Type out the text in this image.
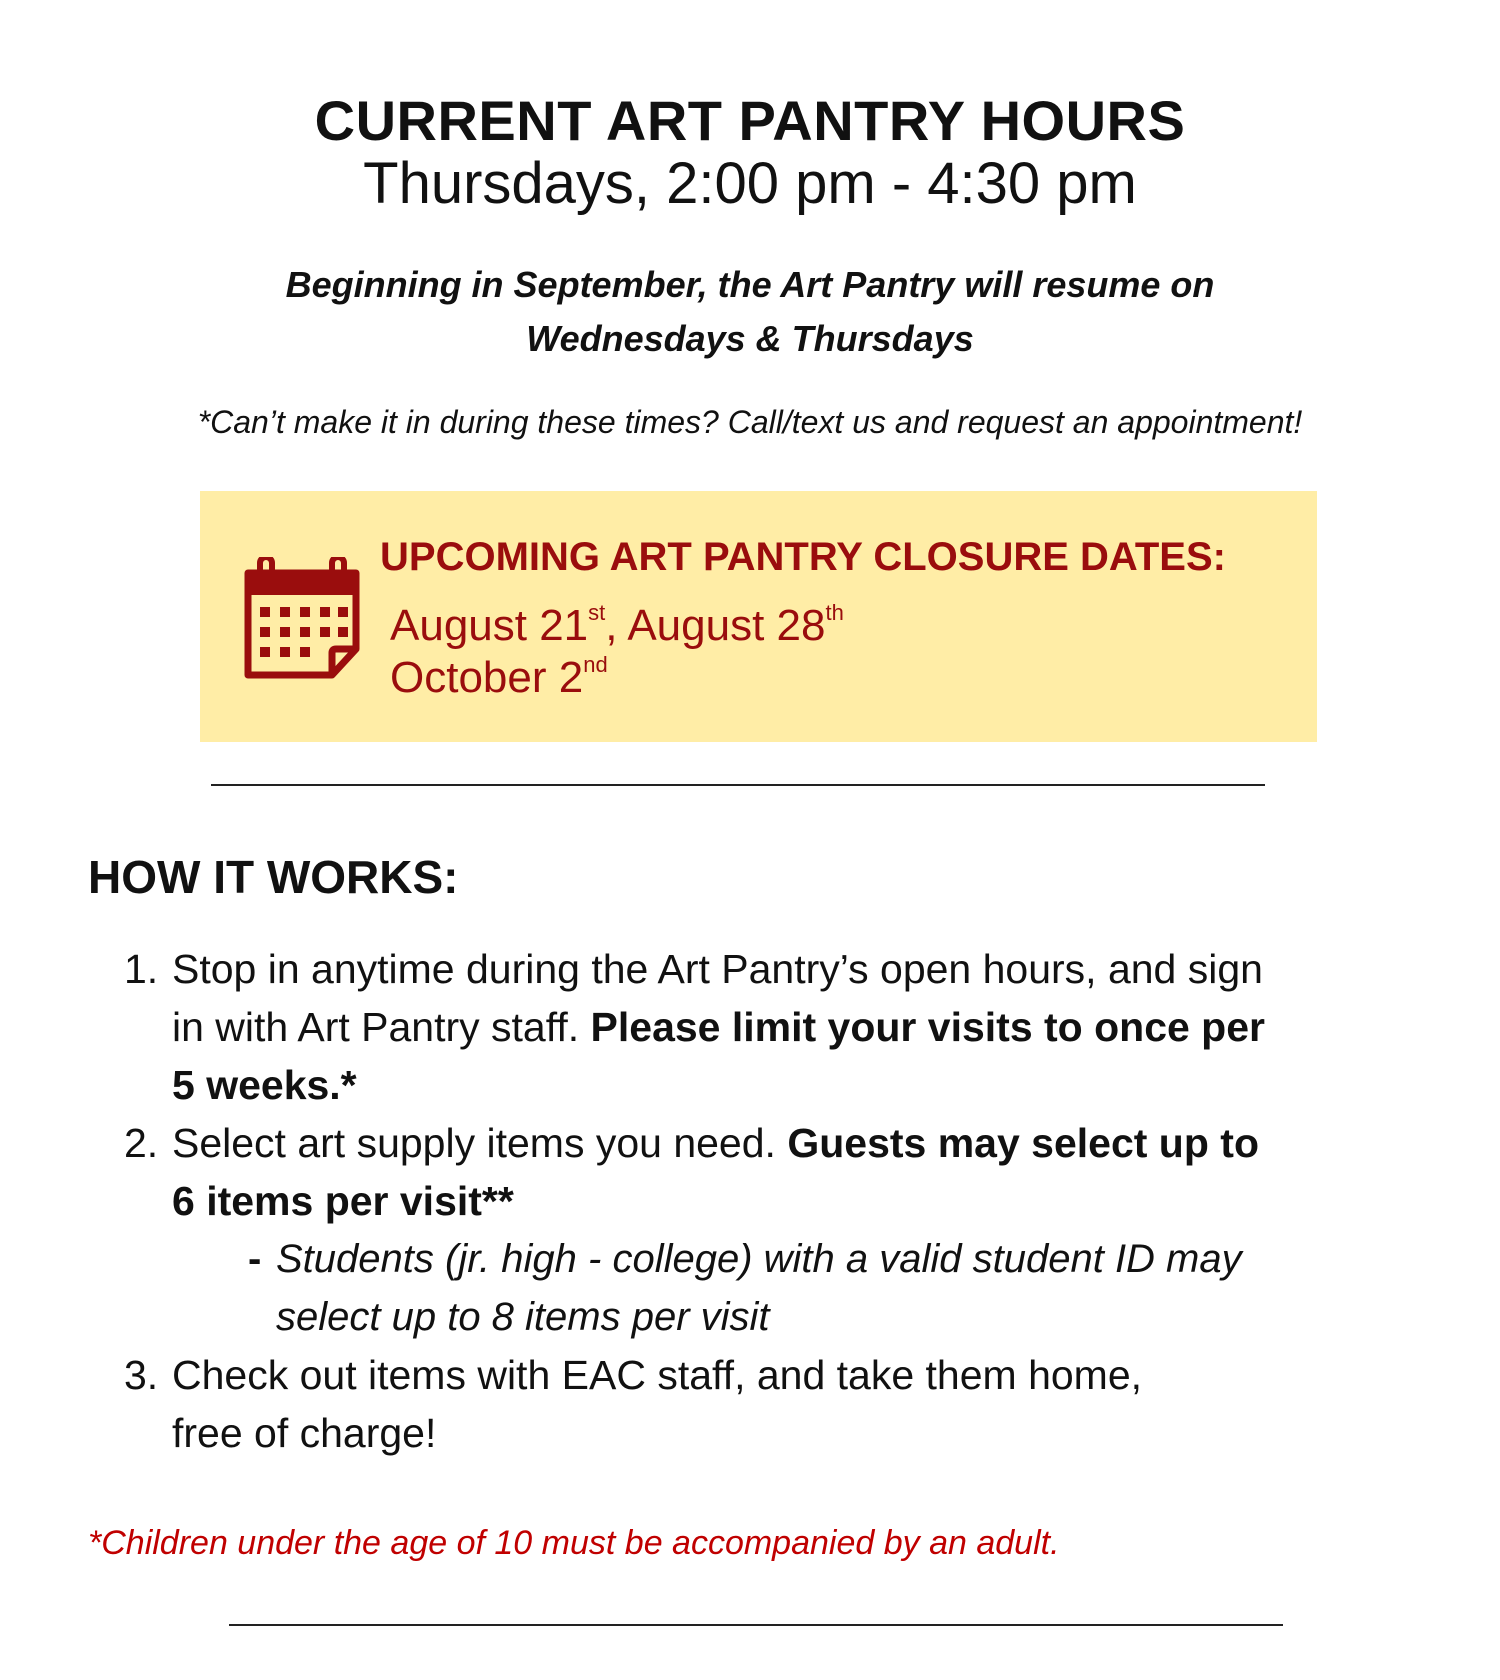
CURRENT ART PANTRY HOURS
Thursdays, 2:00 pm - 4:30 pm
Beginning in September, the Art Pantry will resume on
Wednesdays & Thursdays
*Can’t make it in during these times? Call/text us and request an appointment!
UPCOMING ART PANTRY CLOSURE DATES:
August 21st, August 28th
October 2nd
HOW IT WORKS:
1. Stop in anytime during the Art Pantry’s open hours, and sign
in with Art Pantry staff. Please limit your visits to once per
5 weeks.*
2. Select art supply items you need. Guests may select up to
6 items per visit**
- Students (jr. high - college) with a valid student ID may
select up to 8 items per visit
3. Check out items with EAC staff, and take them home,
free of charge!
*Children under the age of 10 must be accompanied by an adult.
